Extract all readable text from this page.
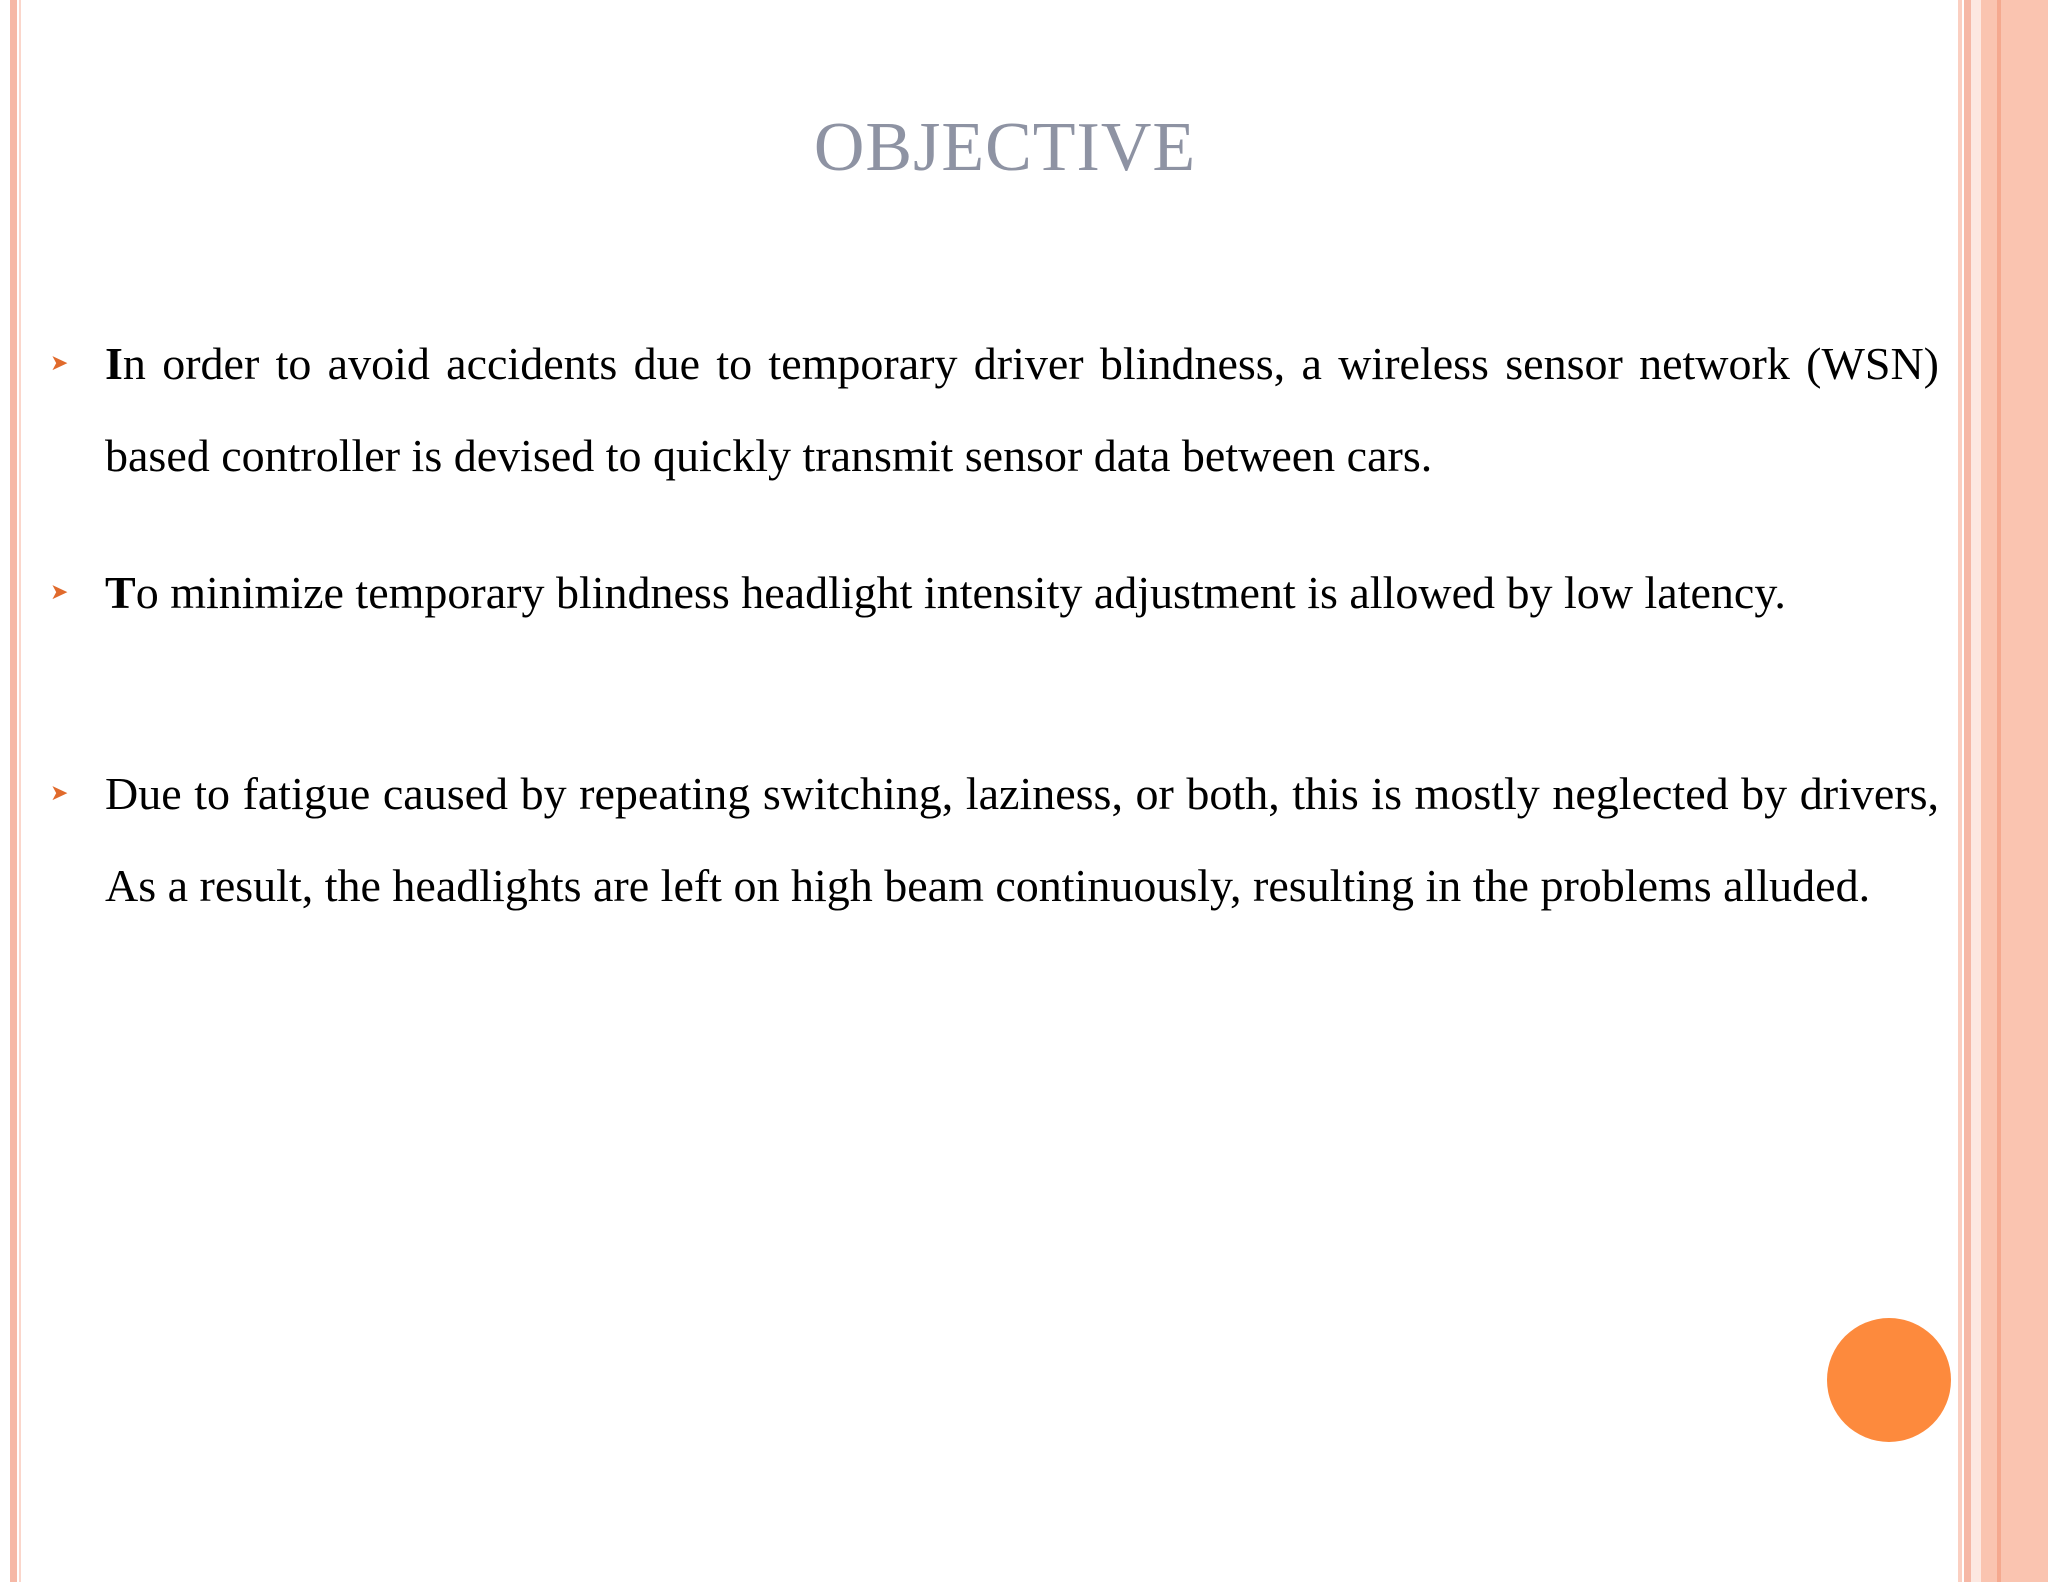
OBJECTIVE
➤ In order to avoid accidents due to temporary driver blindness, a wireless sensor network (WSN) based controller is devised to quickly transmit sensor data between cars.
➤ To minimize temporary blindness headlight intensity adjustment is allowed by low latency.
➤ Due to fatigue caused by repeating switching, laziness, or both, this is mostly neglected by drivers, As a result, the headlights are left on high beam continuously, resulting in the problems alluded.
